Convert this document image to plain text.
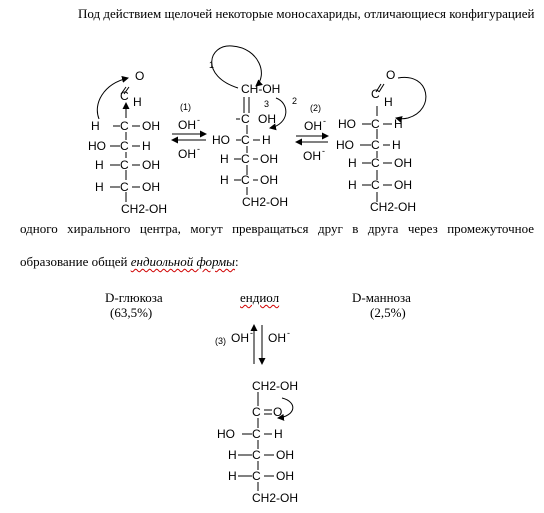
Под действием щелочей некоторые моносахариды, отличающиеся конфигурацией
одного хирального центра, могут превращаться друг в друга через промежуточное
образование общей ендиольной формы:
D-глюкоза
(63,5%)
ендиол	D-манноза
(2,5%)
O
C H
H C OH
HO C H
H C OH
H C OH
CH2-OH
(1)
OH -
OH -
1
2
3
CH-OH
C OH
HO C H
H C OH
H C OH
CH2-OH
(2)
OH -
OH -
O
C
H
HO C H
HO C H
H C OH
H C OH
CH2-OH
(3) OH - OH -
CH2-OH
C O
HO C H
H C OH
H C OH
CH2-OH
